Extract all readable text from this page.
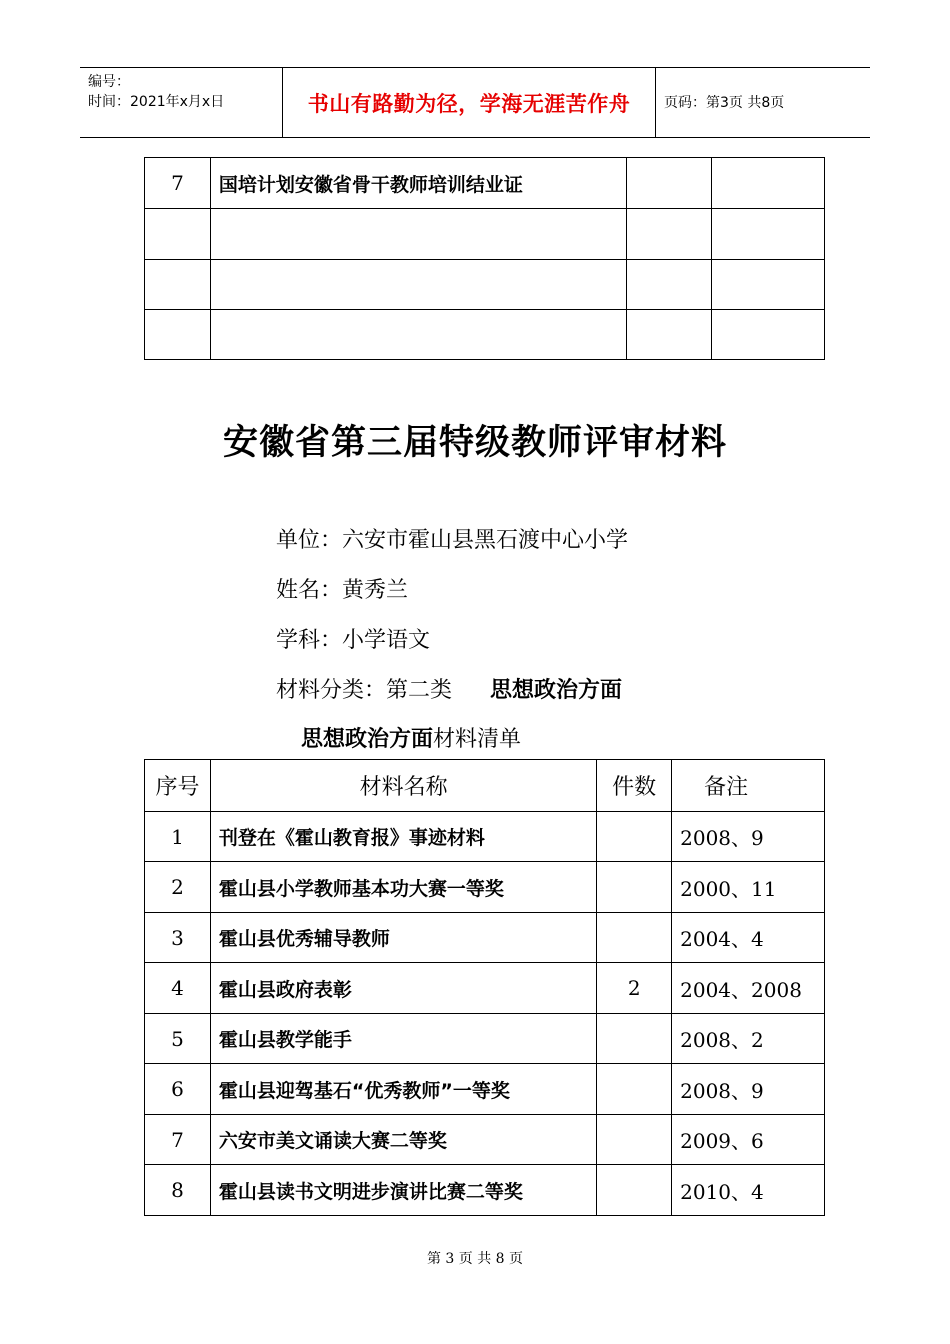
编号：
时间：2021年x月x日	书山有路勤为径，学海无涯苦作舟 页码：第3页 共8页
7	国培计划安徽省骨干教师培训结业证		

安徽省第三届特级教师评审材料
单位：六安市霍山县黑石渡中心小学
姓名：黄秀兰
学科：小学语文
材料分类：第二类 思想政治方面
思想政治方面材料清单
序号	材料名称	件数	备注
1	刊登在《霍山教育报》事迹材料		2008、9
2	霍山县小学教师基本功大赛一等奖		2000、11
3	霍山县优秀辅导教师		2004、4
4	霍山县政府表彰	2	2004、2008
5	霍山县教学能手		2008、2
6	霍山县迎驾基石“优秀教师”一等奖		2008、9
7	六安市美文诵读大赛二等奖		2009、6
8	霍山县读书文明进步演讲比赛二等奖		2010、4
第 3 页 共 8 页
